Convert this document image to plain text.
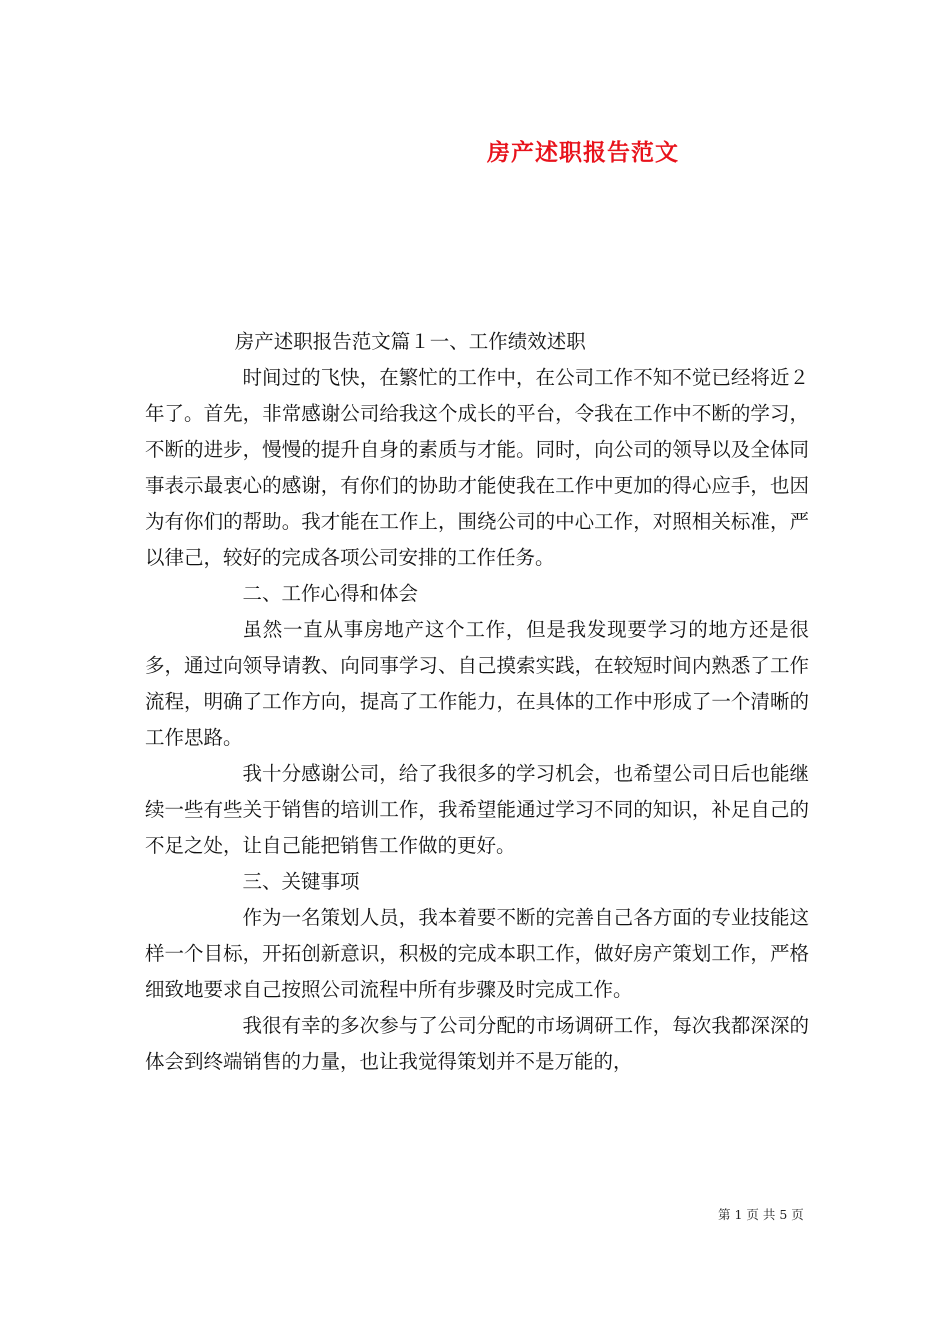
房产述职报告范文

房产述职报告范文篇１一、工作绩效述职

时间过的飞快，在繁忙的工作中，在公司工作不知不觉已经将近２年了。首先，非常感谢公司给我这个成长的平台，令我在工作中不断的学习，不断的进步，慢慢的提升自身的素质与才能。同时，向公司的领导以及全体同事表示最衷心的感谢，有你们的协助才能使我在工作中更加的得心应手，也因为有你们的帮助。我才能在工作上，围绕公司的中心工作，对照相关标准，严以律己，较好的完成各项公司安排的工作任务。

二、工作心得和体会

虽然一直从事房地产这个工作，但是我发现要学习的地方还是很多，通过向领导请教、向同事学习、自己摸索实践，在较短时间内熟悉了工作流程，明确了工作方向，提高了工作能力，在具体的工作中形成了一个清晰的工作思路。

我十分感谢公司，给了我很多的学习机会，也希望公司日后也能继续一些有些关于销售的培训工作，我希望能通过学习不同的知识，补足自己的不足之处，让自己能把销售工作做的更好。

三、关键事项

作为一名策划人员，我本着要不断的完善自己各方面的专业技能这样一个目标，开拓创新意识，积极的完成本职工作，做好房产策划工作，严格细致地要求自己按照公司流程中所有步骤及时完成工作。

我很有幸的多次参与了公司分配的市场调研工作，每次我都深深的体会到终端销售的力量，也让我觉得策划并不是万能的，

第 1 页 共 5 页
